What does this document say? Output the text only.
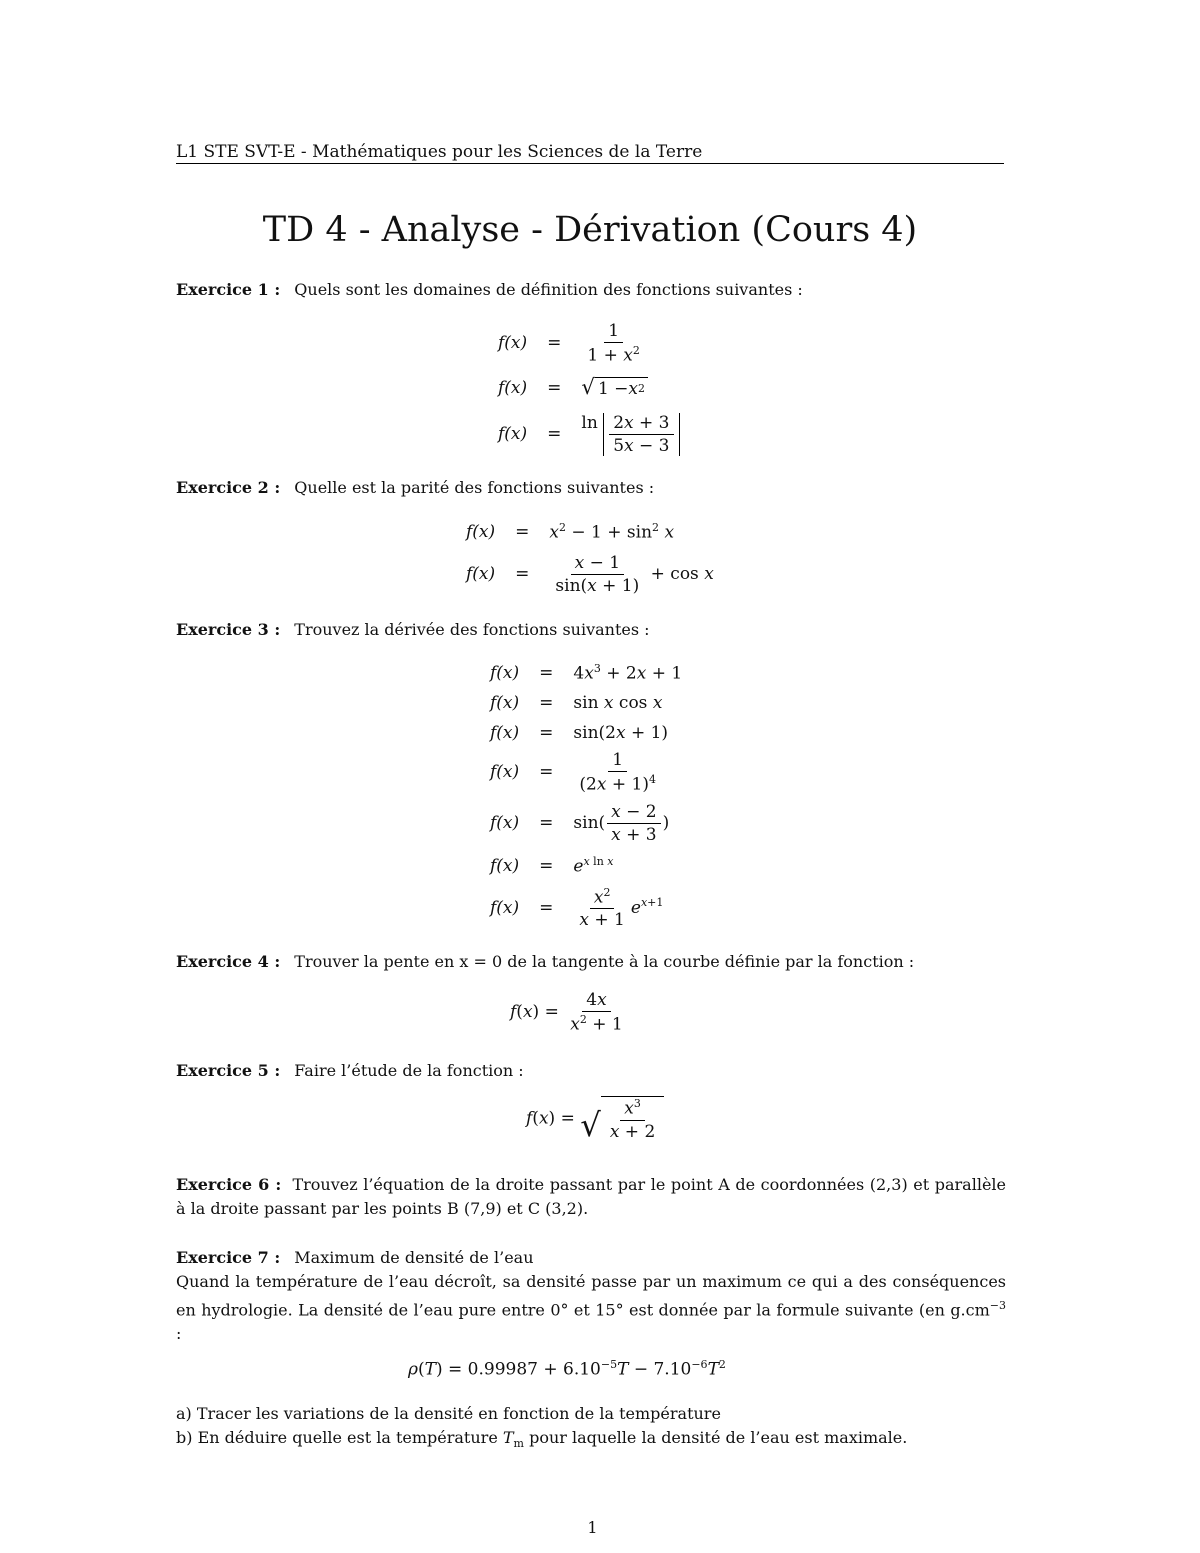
L1 STE SVT-E - Mathématiques pour les Sciences de la Terre
TD 4 - Analyse - Dérivation (Cours 4)
Exercice 1 : Quels sont les domaines de définition des fonctions suivantes :
f(x)	=	$\frac{1}{1 + x^2}$

f(x)	=	√ 1 − x 2

f(x)	=	$\ln \frac{2x + 3}{5x - 3}$
Exercice 2 : Quelle est la parité des fonctions suivantes :
f(x)	=	$x^2 - 1 + \sin^2 x$
f(x)	=	$\frac{x - 1}{\sin(x + 1)} + \cos x$
Exercice 3 : Trouvez la dérivée des fonctions suivantes :
f(x)	=	$4x^3 + 2x + 1$
f(x)	=	sin x cos x
f(x)	=	sin(2x + 1)
f(x)	=	$\frac{1}{(2x + 1)^4}$

f(x)	=	$\sin( \frac{x - 2}{x + 3}$ )
f(x)	=	$e^{x ln x}$
f(x)	=	$\frac{x^2}{x + 1} e^{x+1}$
Exercice 4 : Trouver la pente en x = 0 de la tangente à la courbe définie par la fonction :
$f(x) = \frac{4x}{x^2 + 1}$
Exercice 5 : Faire l’étude de la fonction :
f(x) = √ $\frac{x^3}{x + 2}$
Exercice 6 : Trouvez l’équation de la droite passant par le point A de coordonnées (2,3) et parallèle à la droite passant par les points B (7,9) et C (3,2).
Exercice 7 : Maximum de densité de l’eau
Quand la température de l’eau décroît, sa densité passe par un maximum ce qui a des conséquences en hydrologie. La densité de l’eau pure entre 0° et 15° est donnée par la formule suivante (en $g.cm^{-3}$ :
$\rho(T) = 0.99987 + 6.10^{-5}T - 7.10^{-6}T^2$
a) Tracer les variations de la densité en fonction de la température
b) En déduire quelle est la température $T_m$ pour laquelle la densité de l’eau est maximale.
1
